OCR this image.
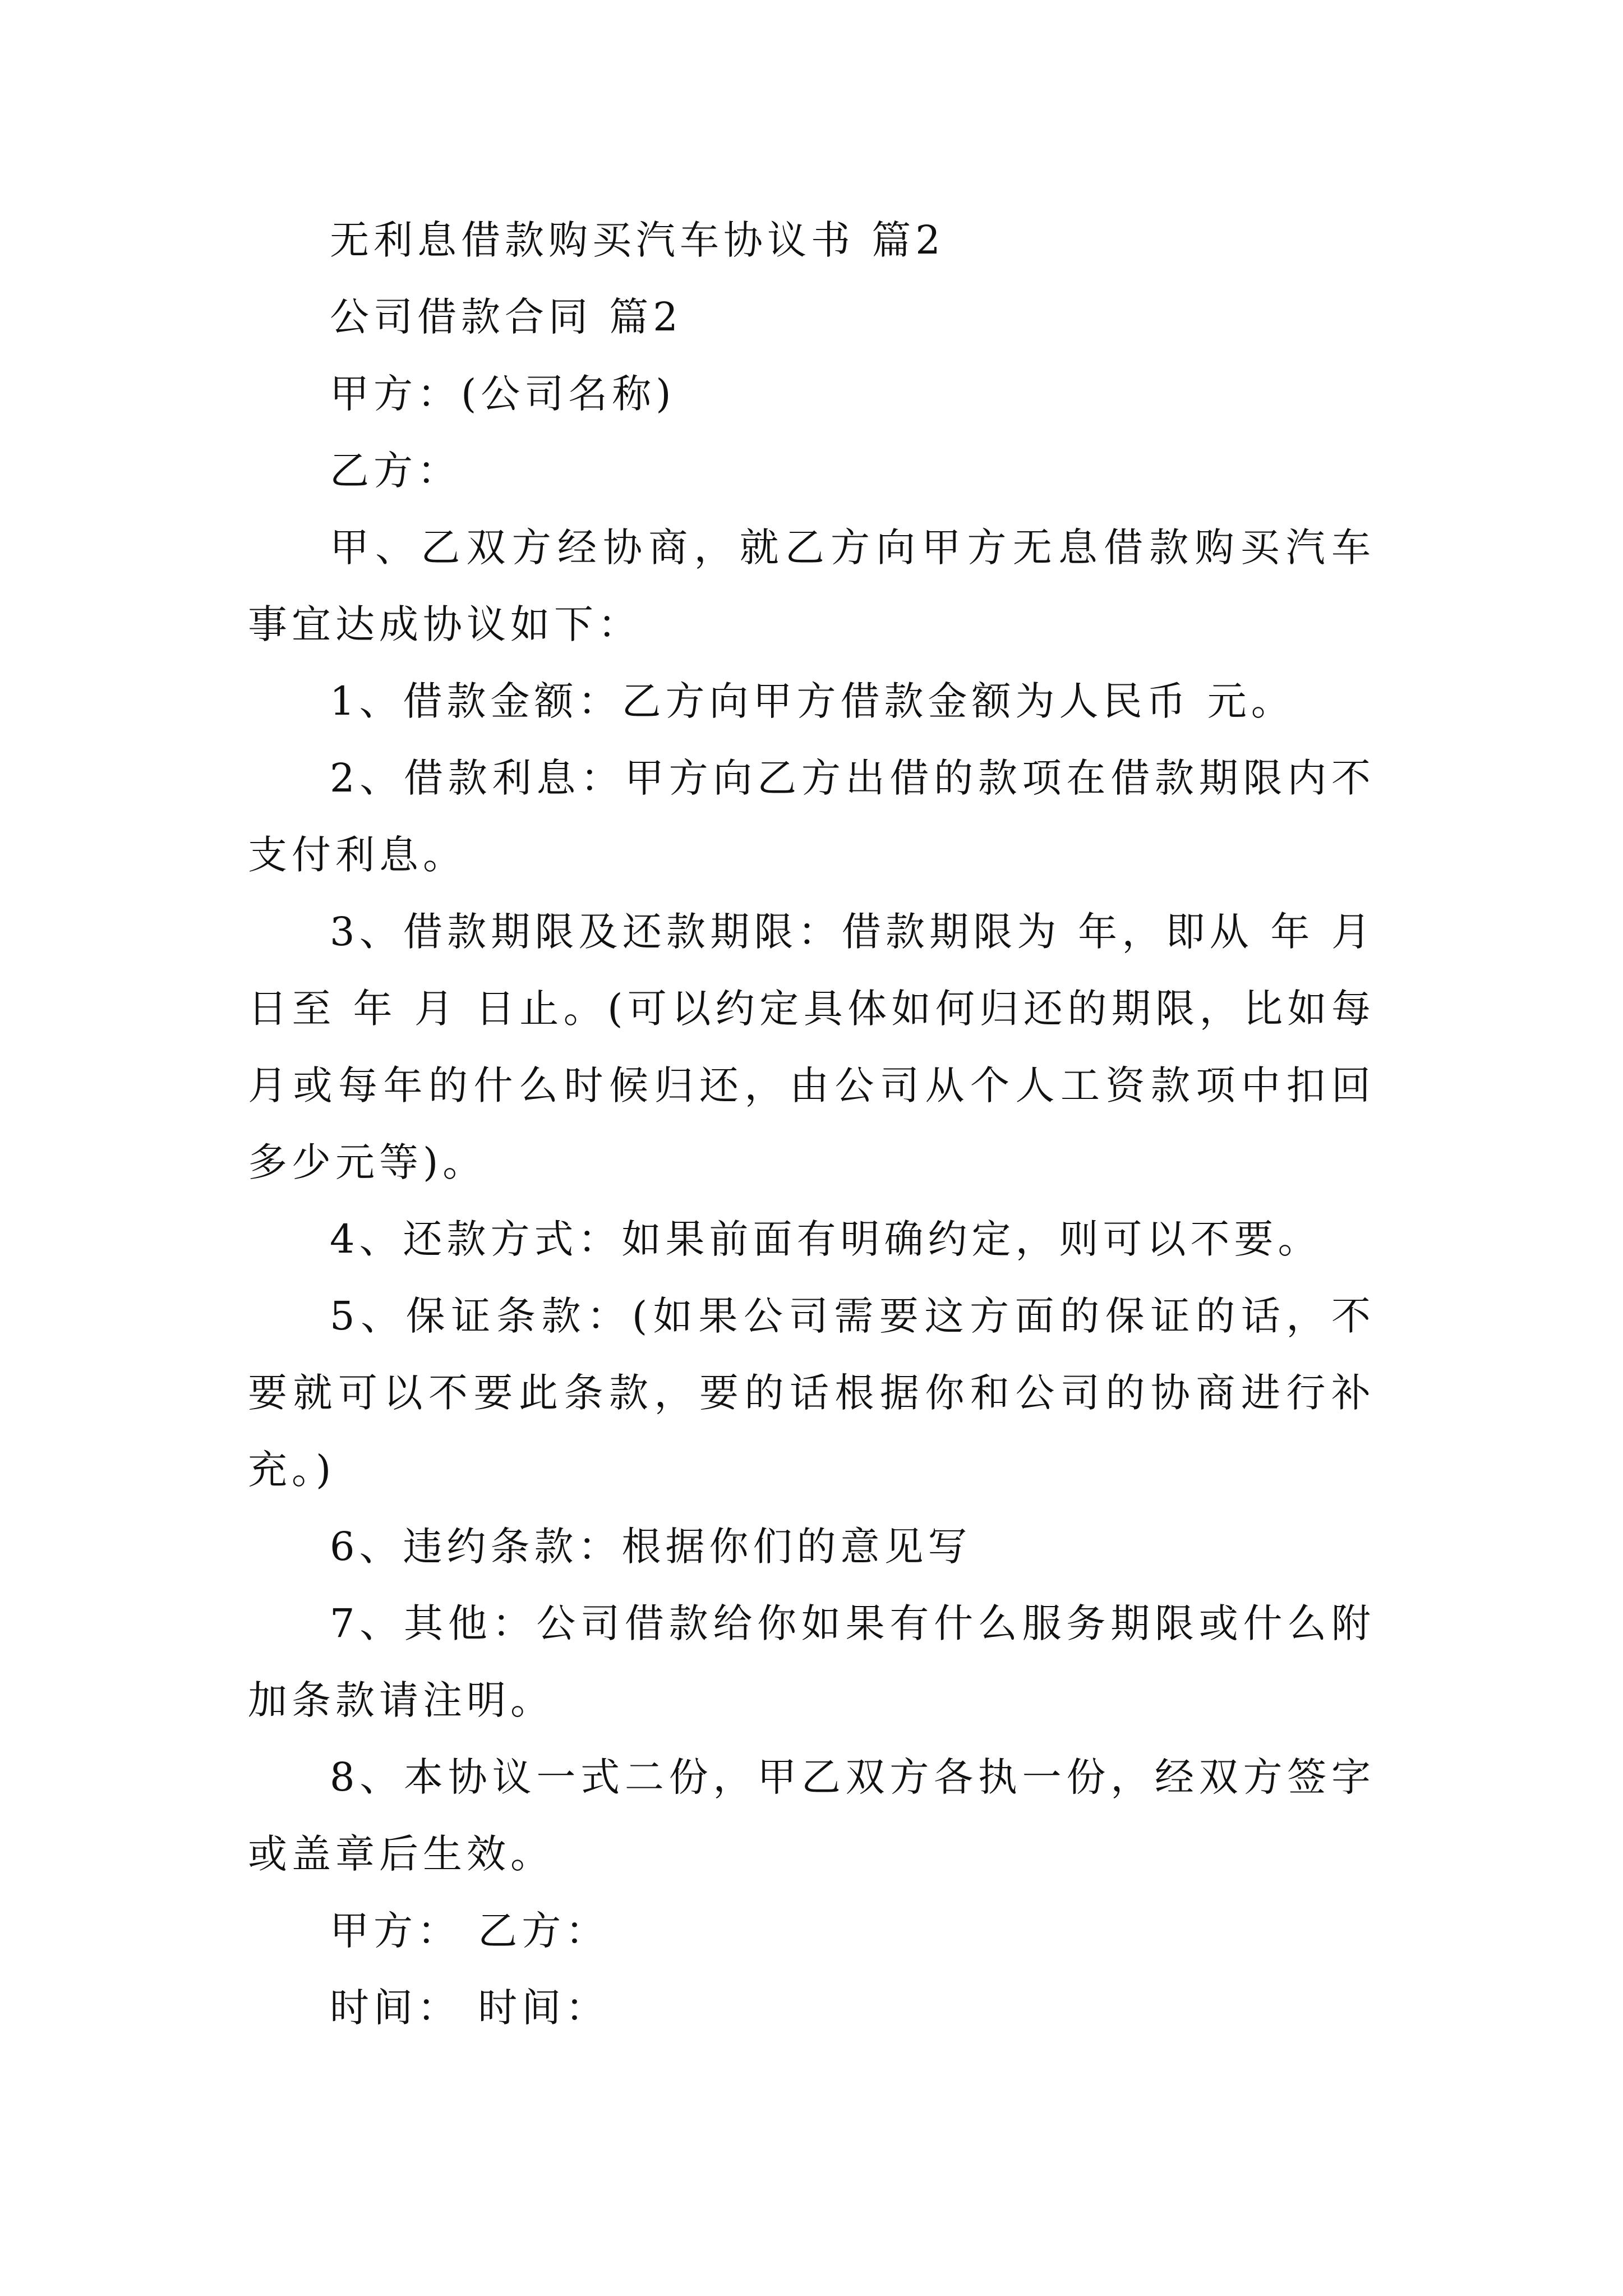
无利息借款购买汽车协议书 篇2

公司借款合同 篇2

甲方：(公司名称)

乙方：

甲、乙双方经协商，就乙方向甲方无息借款购买汽车事宜达成协议如下：

1、借款金额：乙方向甲方借款金额为人民币 元。

2、借款利息：甲方向乙方出借的款项在借款期限内不支付利息。

3、借款期限及还款期限：借款期限为 年，即从 年 月 日至 年 月 日止。(可以约定具体如何归还的期限，比如每月或每年的什么时候归还，由公司从个人工资款项中扣回多少元等)。

4、还款方式：如果前面有明确约定，则可以不要。

5、保证条款：(如果公司需要这方面的保证的话，不要就可以不要此条款，要的话根据你和公司的协商进行补充。)

6、违约条款：根据你们的意见写

7、其他：公司借款给你如果有什么服务期限或什么附加条款请注明。

8、本协议一式二份，甲乙双方各执一份，经双方签字或盖章后生效。

甲方： 乙方：

时间： 时间：
